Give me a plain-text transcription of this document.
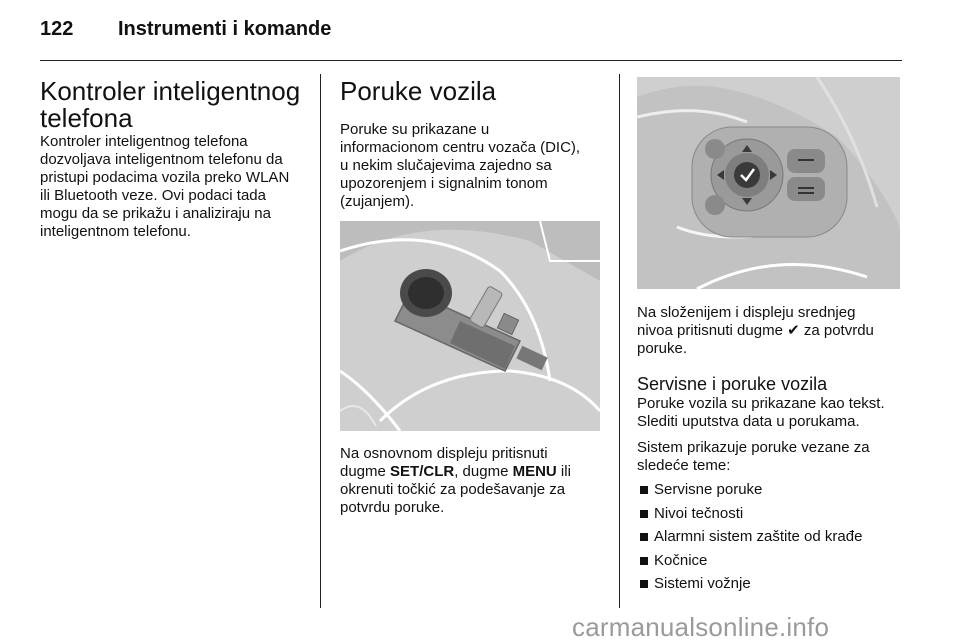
122 Instrumenti i komande
Kontroler inteligentnog
telefona

Kontroler inteligentnog telefona
dozvoljava inteligentnom telefonu da
pristupi podacima vozila preko WLAN
ili Bluetooth veze. Ovi podaci tada
mogu da se prikažu i analiziraju na
inteligentnom telefonu.

Poruke vozila

Poruke su prikazane u
informacionom centru vozača (DIC),
u nekim slučajevima zajedno sa
upozorenjem i signalnim tonom
(zujanjem).

Na osnovnom displeju pritisnuti
dugme SET/CLR, dugme MENU ili
okrenuti točkić za podešavanje za
potvrdu poruke.

Na složenijem i displeju srednjeg
nivoa pritisnuti dugme ✔ za potvrdu
poruke.

Servisne i poruke vozila

Poruke vozila su prikazane kao tekst.
Slediti uputstva data u porukama.

Sistem prikazuje poruke vezane za
sledeće teme:

Servisne poruke
Nivoi tečnosti
Alarmni sistem zaštite od krađe
Kočnice
Sistemi vožnje
carmanualsonline.info
